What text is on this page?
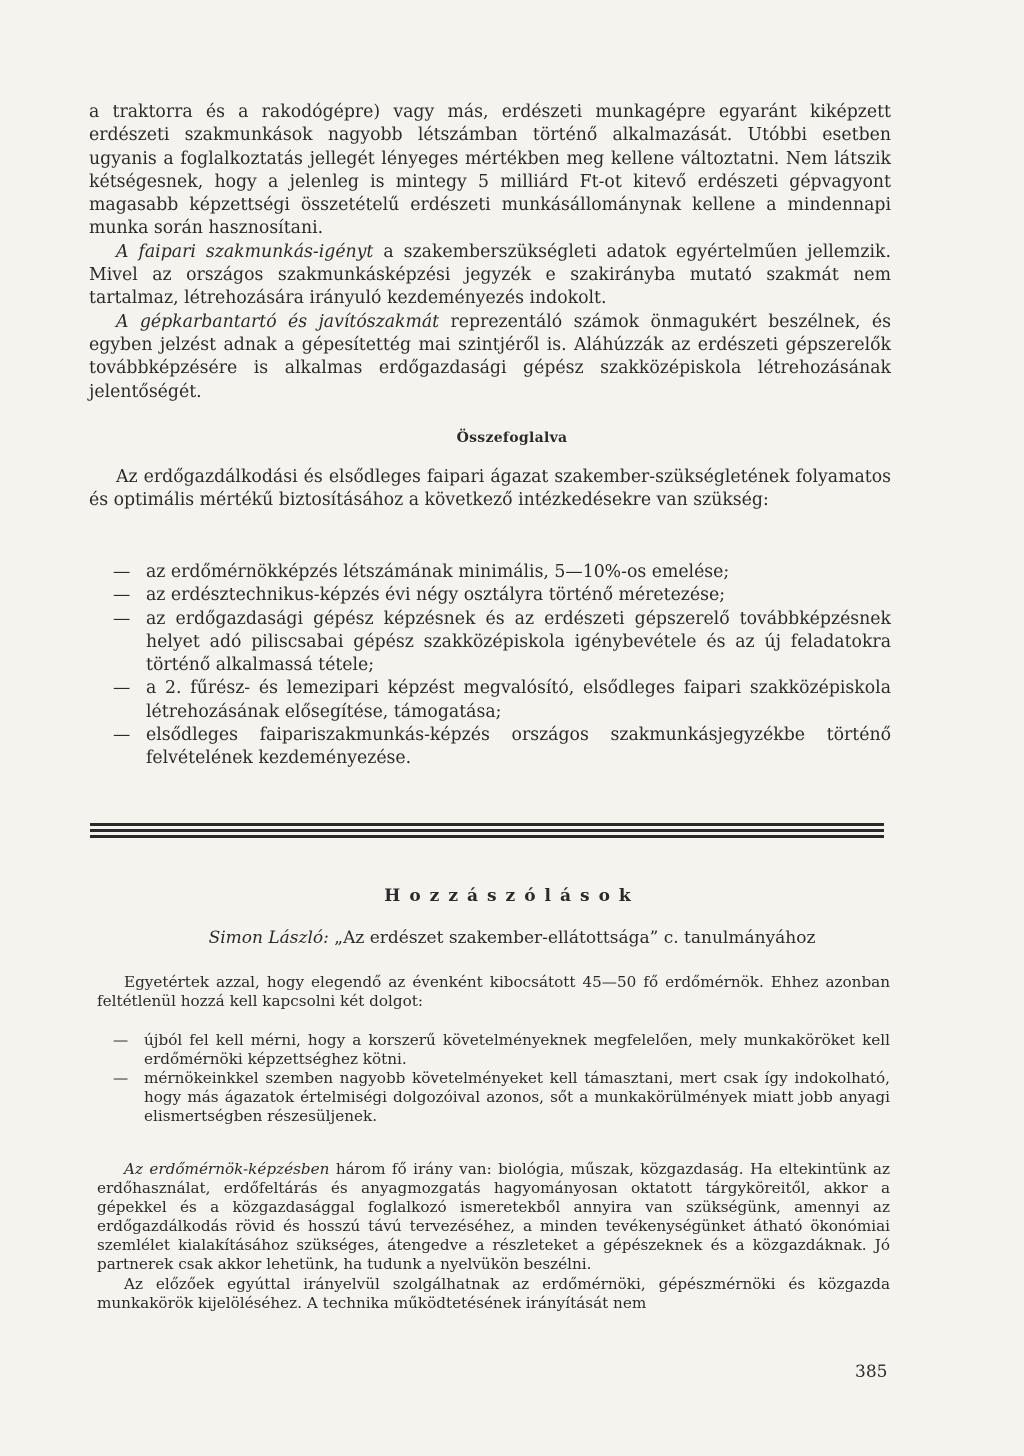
a traktorra és a rakodógépre) vagy más, erdészeti munkagépre egyaránt kiképzett erdészeti szakmunkások nagyobb létszámban történő alkalmazását. Utóbbi esetben ugyanis a foglalkoztatás jellegét lényeges mértékben meg kellene változtatni. Nem látszik kétségesnek, hogy a jelenleg is mintegy 5 milliárd Ft-ot kitevő erdészeti gépvagyont magasabb képzettségi összetételű erdészeti munkásállománynak kellene a mindennapi munka során hasznosítani.

A faipari szakmunkás-igényt a szakemberszükségleti adatok egyértelműen jellemzik. Mivel az országos szakmunkásképzési jegyzék e szakirányba mutató szakmát nem tartalmaz, létrehozására irányuló kezdeményezés indokolt.

A gépkarbantartó és javítószakmát reprezentáló számok önmagukért beszélnek, és egyben jelzést adnak a gépesítettég mai szintjéről is. Aláhúzzák az erdészeti gépszerelők továbbképzésére is alkalmas erdőgazdasági gépész szakközépiskola létrehozásának jelentőségét.

Összefoglalva
Az erdőgazdálkodási és elsődleges faipari ágazat szakember-szükségletének folyamatos és optimális mértékű biztosításához a következő intézkedésekre van szükség:
— az erdőmérnökképzés létszámának minimális, 5—10%-os emelése;
— az erdésztechnikus-képzés évi négy osztályra történő méretezése;
— az erdőgazdasági gépész képzésnek és az erdészeti gépszerelő továbbképzésnek helyet adó piliscsabai gépész szakközépiskola igénybevétele és az új feladatokra történő alkalmassá tétele;
— a 2. fűrész- és lemezipari képzést megvalósító, elsődleges faipari szakközépiskola létrehozásának elősegítése, támogatása;
— elsődleges faipariszakmunkás-képzés országos szakmunkásjegyzékbe történő felvételének kezdeményezése.
Hozzászólások
Simon László: „Az erdészet szakember-ellátottsága” c. tanulmányához

Egyetértek azzal, hogy elegendő az évenként kibocsátott 45—50 fő erdőmérnök. Ehhez azonban feltétlenül hozzá kell kapcsolni két dolgot:

— újból fel kell mérni, hogy a korszerű követelményeknek megfelelően, mely munkaköröket kell erdőmérnöki képzettséghez kötni.
— mérnökeinkkel szemben nagyobb követelményeket kell támasztani, mert csak így indokolható, hogy más ágazatok értelmiségi dolgozóival azonos, sőt a munkakörülmények miatt jobb anyagi elismertségben részesüljenek.

Az erdőmérnök-képzésben három fő irány van: biológia, műszak, közgazdaság. Ha eltekintünk az erdőhasználat, erdőfeltárás és anyagmozgatás hagyományosan oktatott tárgyköreitől, akkor a gépekkel és a közgazdasággal foglalkozó ismeretekből annyira van szükségünk, amennyi az erdőgazdálkodás rövid és hosszú távú tervezéséhez, a minden tevékenységünket átható ökonómiai szemlélet kialakításához szükséges, átengedve a részleteket a gépészeknek és a közgazdáknak. Jó partnerek csak akkor lehetünk, ha tudunk a nyelvükön beszélni.

Az előzőek egyúttal irányelvül szolgálhatnak az erdőmérnöki, gépészmérnöki és közgazda munkakörök kijelöléséhez. A technika működtetésének irányítását nem

385
